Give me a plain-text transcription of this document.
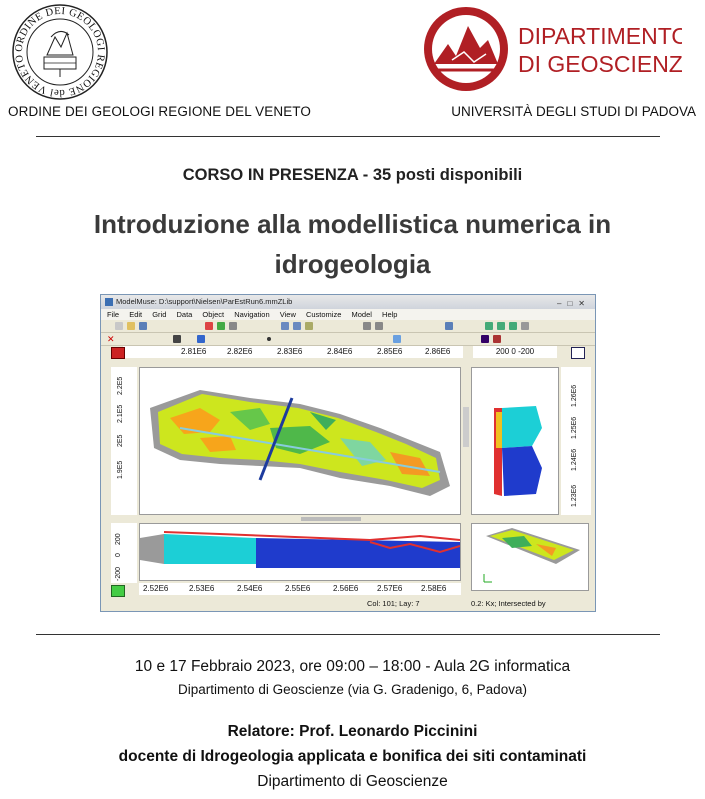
ORDINE DEI GEOLOGI REGIONE del VENETO
ORDINE DEI GEOLOGI REGIONE DEL VENETO
DIPARTIMENTO
DI GEOSCIENZE
UNIVERSITÀ DEGLI STUDI DI PADOVA
CORSO IN PRESENZA - 35 posti disponibili
Introduzione alla modellistica numerica in
idrogeologia
ModelMuse: D:\support\Nielsen\ParEstRun6.mmZLib	–□✕
File Edit Grid Data Object Navigation View Customize Model Help
✕
2.81E6	2.82E6	2.83E6	2.84E6	2.85E6	2.86E6	200 0 -200
2.2E5
2.1E5
2E5
1.9E5
1.26E6
1.25E6
1.24E6
1.23E6
200
0
-200
2.52E6	2.53E6	2.54E6	2.55E6	2.56E6 2.57E6 2.58E6
Col: 101; Lay: 7	0.2: Kx; Intersected by
10 e 17 Febbraio 2023, ore 09:00 – 18:00 - Aula 2G informatica
Dipartimento di Geoscienze (via G. Gradenigo, 6, Padova)
Relatore: Prof. Leonardo Piccinini
docente di Idrogeologia applicata e bonifica dei siti contaminati
Dipartimento di Geoscienze
